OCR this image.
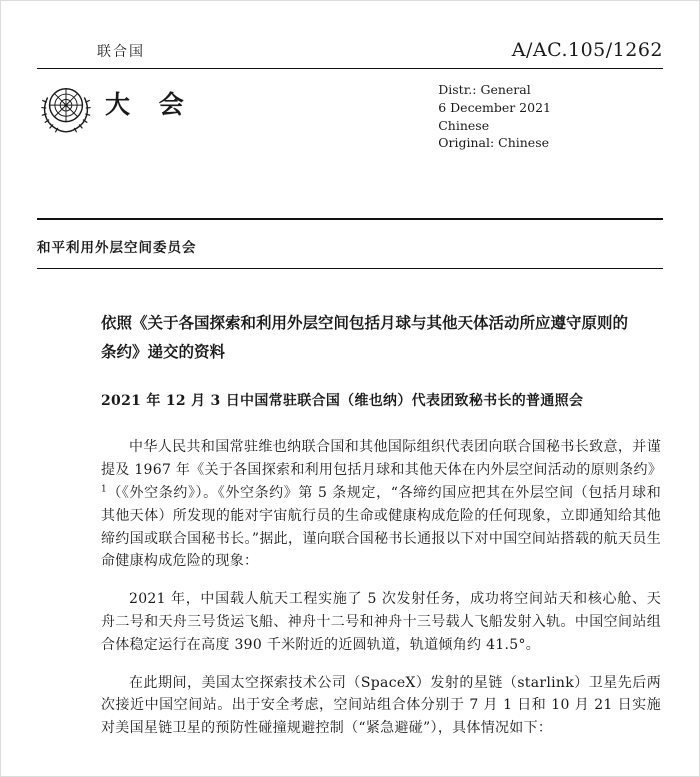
联合国	A/AC.105/1262
大 会
Distr.: General
6 December 2021
Chinese
Original: Chinese
和平利用外层空间委员会
依照《关于各国探索和利用外层空间包括月球与其他天体活动所应遵守原则的条约》递交的资料
2021 年 12 月 3 日中国常驻联合国（维也纳）代表团致秘书长的普通照会

中华人民共和国常驻维也纳联合国和其他国际组织代表团向联合国秘书长致意，并谨提及 1967 年《关于各国探索和利用包括月球和其他天体在内外层空间活动的原则条约》$^1$（《外空条约》）。《外空条约》第 5 条规定，“各缔约国应把其在外层空间（包括月球和其他天体）所发现的能对宇宙航行员的生命或健康构成危险的任何现象，立即通知给其他缔约国或联合国秘书长。”据此，谨向联合国秘书长通报以下对中国空间站搭载的航天员生命健康构成危险的现象：

2021 年，中国载人航天工程实施了 5 次发射任务，成功将空间站天和核心舱、天舟二号和天舟三号货运飞船、神舟十二号和神舟十三号载人飞船发射入轨。中国空间站组合体稳定运行在高度 390 千米附近的近圆轨道，轨道倾角约 41.5°。

在此期间，美国太空探索技术公司（SpaceX）发射的星链（starlink）卫星先后两次接近中国空间站。出于安全考虑，空间站组合体分别于 7 月 1 日和 10 月 21 日实施对美国星链卫星的预防性碰撞规避控制（“紧急避碰”），具体情况如下：
